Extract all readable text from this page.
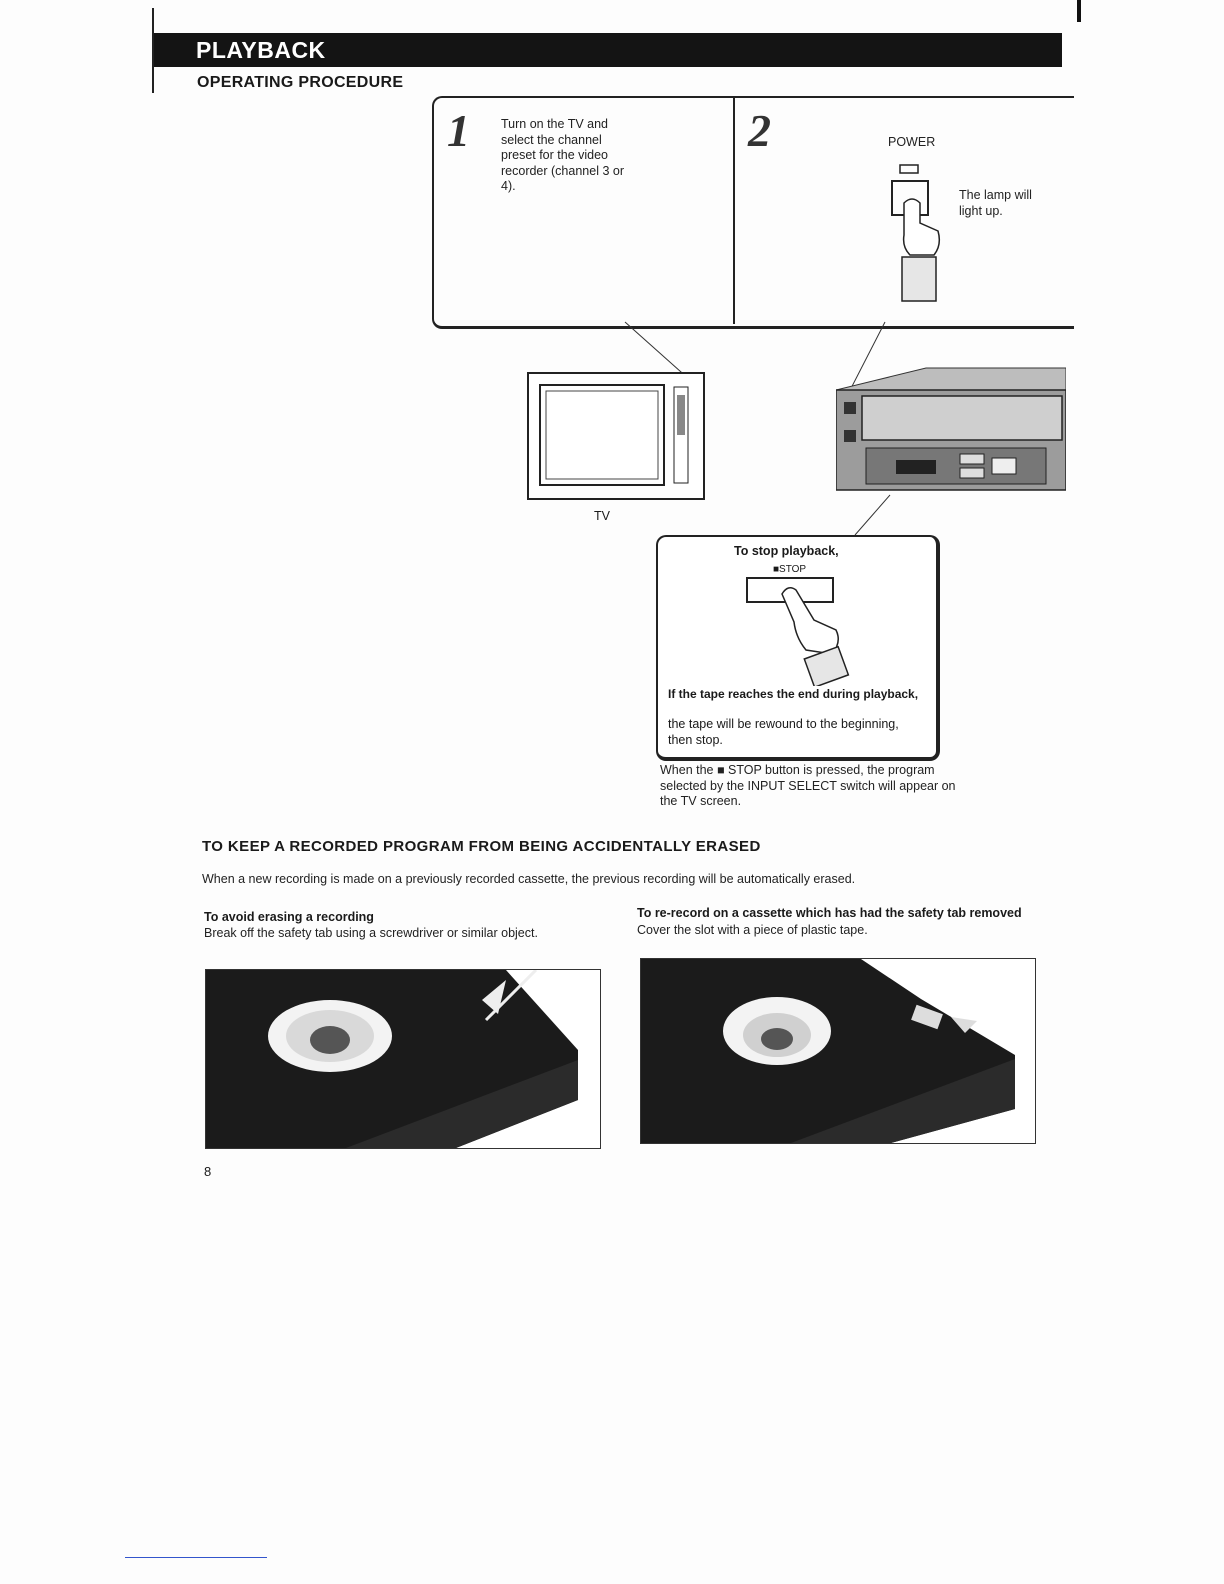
PLAYBACK
OPERATING PROCEDURE
1 Turn on the TV and select the channel preset for the video recorder (channel 3 or 4).
2	POWER
The lamp will light up.
TV
To stop playback,
■STOP
If the tape reaches the end during playback,
the tape will be rewound to the beginning, then stop.
When the ■ STOP button is pressed, the program selected by the INPUT SELECT switch will appear on the TV screen.
TO KEEP A RECORDED PROGRAM FROM BEING ACCIDENTALLY ERASED
When a new recording is made on a previously recorded cassette, the previous recording will be automatically erased.
To avoid erasing a recording
Break off the safety tab using a screwdriver or similar object.
To re-record on a cassette which has had the safety tab removed
Cover the slot with a piece of plastic tape.
8
